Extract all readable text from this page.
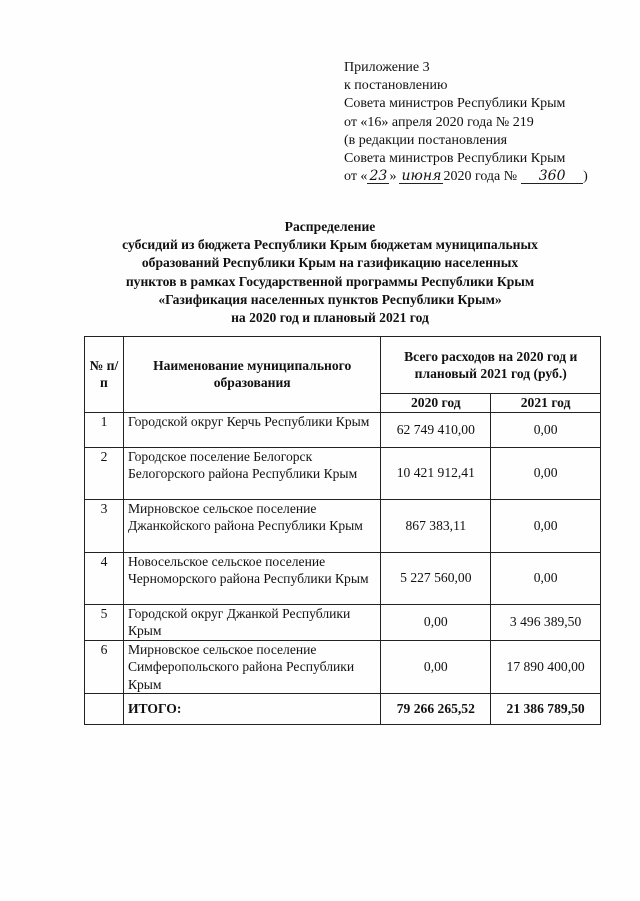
Приложение 3
к постановлению
Совета министров Республики Крым
от «16» апреля 2020 года № 219
(в редакции постановления
Совета министров Республики Крым
от « 23 » июня 2020 года № 360 )
Распределение
субсидий из бюджета Республики Крым бюджетам муниципальных
образований Республики Крым на газификацию населенных
пунктов в рамках Государственной программы Республики Крым
«Газификация населенных пунктов Республики Крым»
на 2020 год и плановый 2021 год
№ п/п	Наименование муниципального образования	Всего расходов на 2020 год и плановый 2021 год (руб.)	
		2020 год	2021 год
1	Городской округ Керчь Республики Крым	62 749 410,00	0,00
2	Городское поселение Белогорск Белогорского района Республики Крым	10 421 912,41	0,00
3	Мирновское сельское поселение Джанкойского района Республики Крым	867 383,11	0,00
4	Новосельское сельское поселение Черноморского района Республики Крым	5 227 560,00	0,00
5	Городской округ Джанкой Республики Крым	0,00	3 496 389,50
6	Мирновское сельское поселение Симферопольского района Республики Крым	0,00	17 890 400,00
	ИТОГО:	79 266 265,52	21 386 789,50
